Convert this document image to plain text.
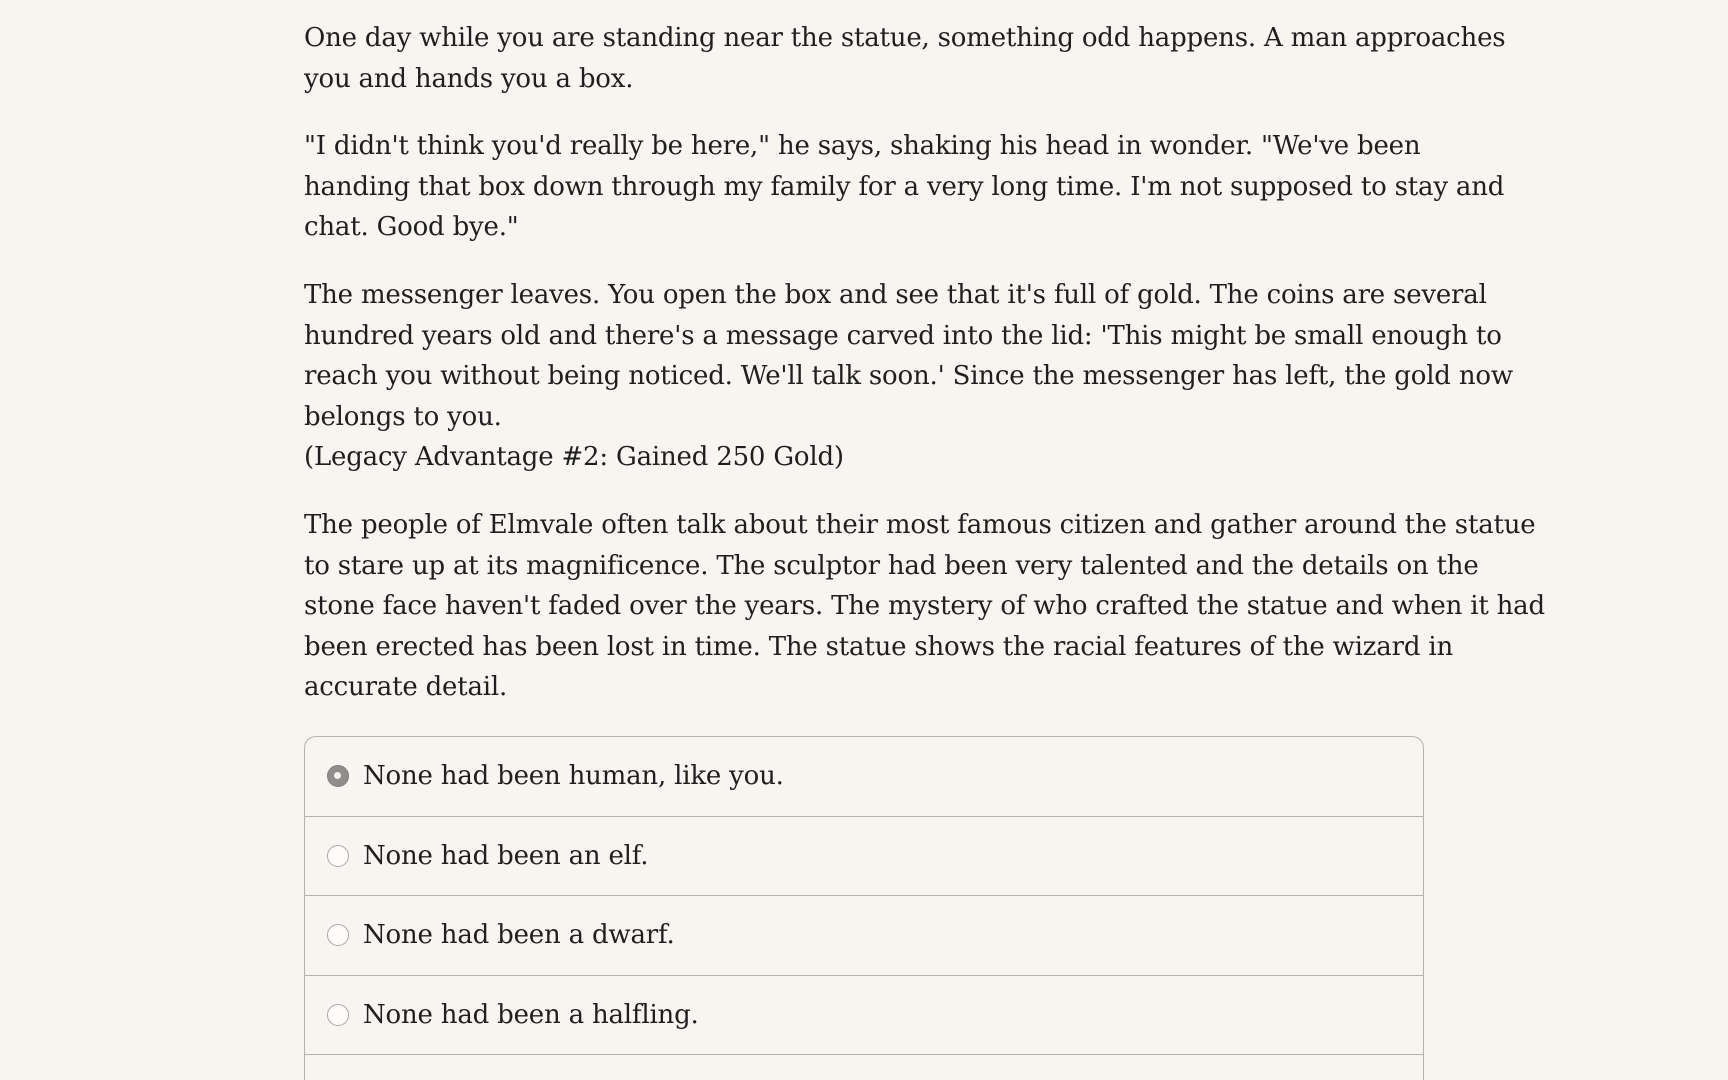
One day while you are standing near the statue, something odd happens. A man approaches
you and hands you a box.

"I didn't think you'd really be here," he says, shaking his head in wonder. "We've been
handing that box down through my family for a very long time. I'm not supposed to stay and
chat. Good bye."

The messenger leaves. You open the box and see that it's full of gold. The coins are several
hundred years old and there's a message carved into the lid: 'This might be small enough to
reach you without being noticed. We'll talk soon.' Since the messenger has left, the gold now
belongs to you.
(Legacy Advantage #2: Gained 250 Gold)

The people of Elmvale often talk about their most famous citizen and gather around the statue
to stare up at its magnificence. The sculptor had been very talented and the details on the
stone face haven't faded over the years. The mystery of who crafted the statue and when it had
been erected has been lost in time. The statue shows the racial features of the wizard in
accurate detail.

None had been human, like you.
None had been an elf.
None had been a dwarf.
None had been a halfling.
